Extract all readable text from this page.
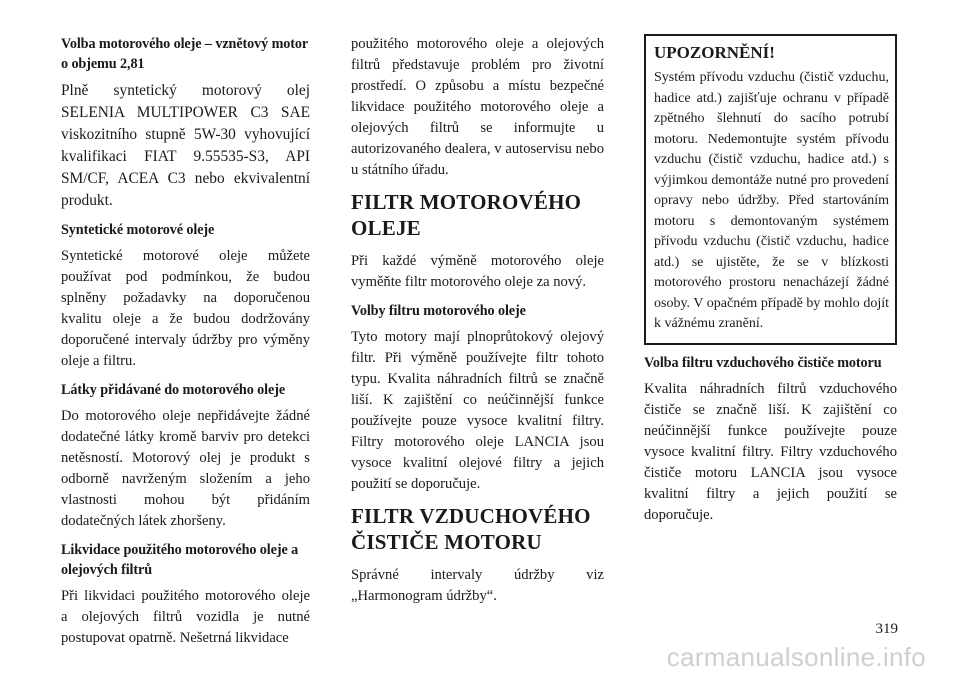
Volba motorového oleje – vznětový motor o objemu 2,81
Plně syntetický motorový olej SELENIA MULTIPOWER C3 SAE viskozitního stupně 5W-30 vyhovující kvalifikaci FIAT 9.55535-S3, API SM/CF, ACEA C3 nebo ekvivalentní produkt.
Syntetické motorové oleje
Syntetické motorové oleje můžete používat pod podmínkou, že budou splněny požadavky na doporučenou kvalitu oleje a že budou dodržovány doporučené intervaly údržby pro výměny oleje a filtru.
Látky přidávané do motorového oleje
Do motorového oleje nepřidávejte žádné dodatečné látky kromě barviv pro detekci netěsností. Motorový olej je produkt s odborně navrženým složením a jeho vlastnosti mohou být přidáním dodatečných látek zhoršeny.
Likvidace použitého motorového oleje a olejových filtrů
Při likvidaci použitého motorového oleje a olejových filtrů vozidla je nutné postupovat opatrně. Nešetrná likvidace
použitého motorového oleje a olejových filtrů představuje problém pro životní prostředí. O způsobu a místu bezpečné likvidace použitého motorového oleje a olejových filtrů se informujte u autorizovaného dealera, v autoservisu nebo u státního úřadu.
FILTR MOTOROVÉHO OLEJE
Při každé výměně motorového oleje vyměňte filtr motorového oleje za nový.
Volby filtru motorového oleje
Tyto motory mají plnoprůtokový olejový filtr. Při výměně používejte filtr tohoto typu. Kvalita náhradních filtrů se značně liší. K zajištění co neúčinnější funkce používejte pouze vysoce kvalitní filtry. Filtry motorového oleje LANCIA jsou vysoce kvalitní olejové filtry a jejich použití se doporučuje.
FILTR VZDUCHOVÉHO ČISTIČE MOTORU
Správné intervaly údržby viz „Harmonogram údržby“.
UPOZORNĚNÍ!
Systém přívodu vzduchu (čistič vzduchu, hadice atd.) zajišťuje ochranu v případě zpětného šlehnutí do sacího potrubí motoru. Nedemontujte systém přívodu vzduchu (čistič vzduchu, hadice atd.) s výjimkou demontáže nutné pro provedení opravy nebo údržby. Před startováním motoru s demontovaným systémem přívodu vzduchu (čistič vzduchu, hadice atd.) se ujistěte, že se v blízkosti motorového prostoru nenacházejí žádné osoby. V opačném případě by mohlo dojít k vážnému zranění.
Volba filtru vzduchového čističe motoru
Kvalita náhradních filtrů vzduchového čističe se značně liší. K zajištění co neúčinnější funkce používejte pouze vysoce kvalitní filtry. Filtry vzduchového čističe motoru LANCIA jsou vysoce kvalitní filtry a jejich použití se doporučuje.
319
carmanualsonline.info
